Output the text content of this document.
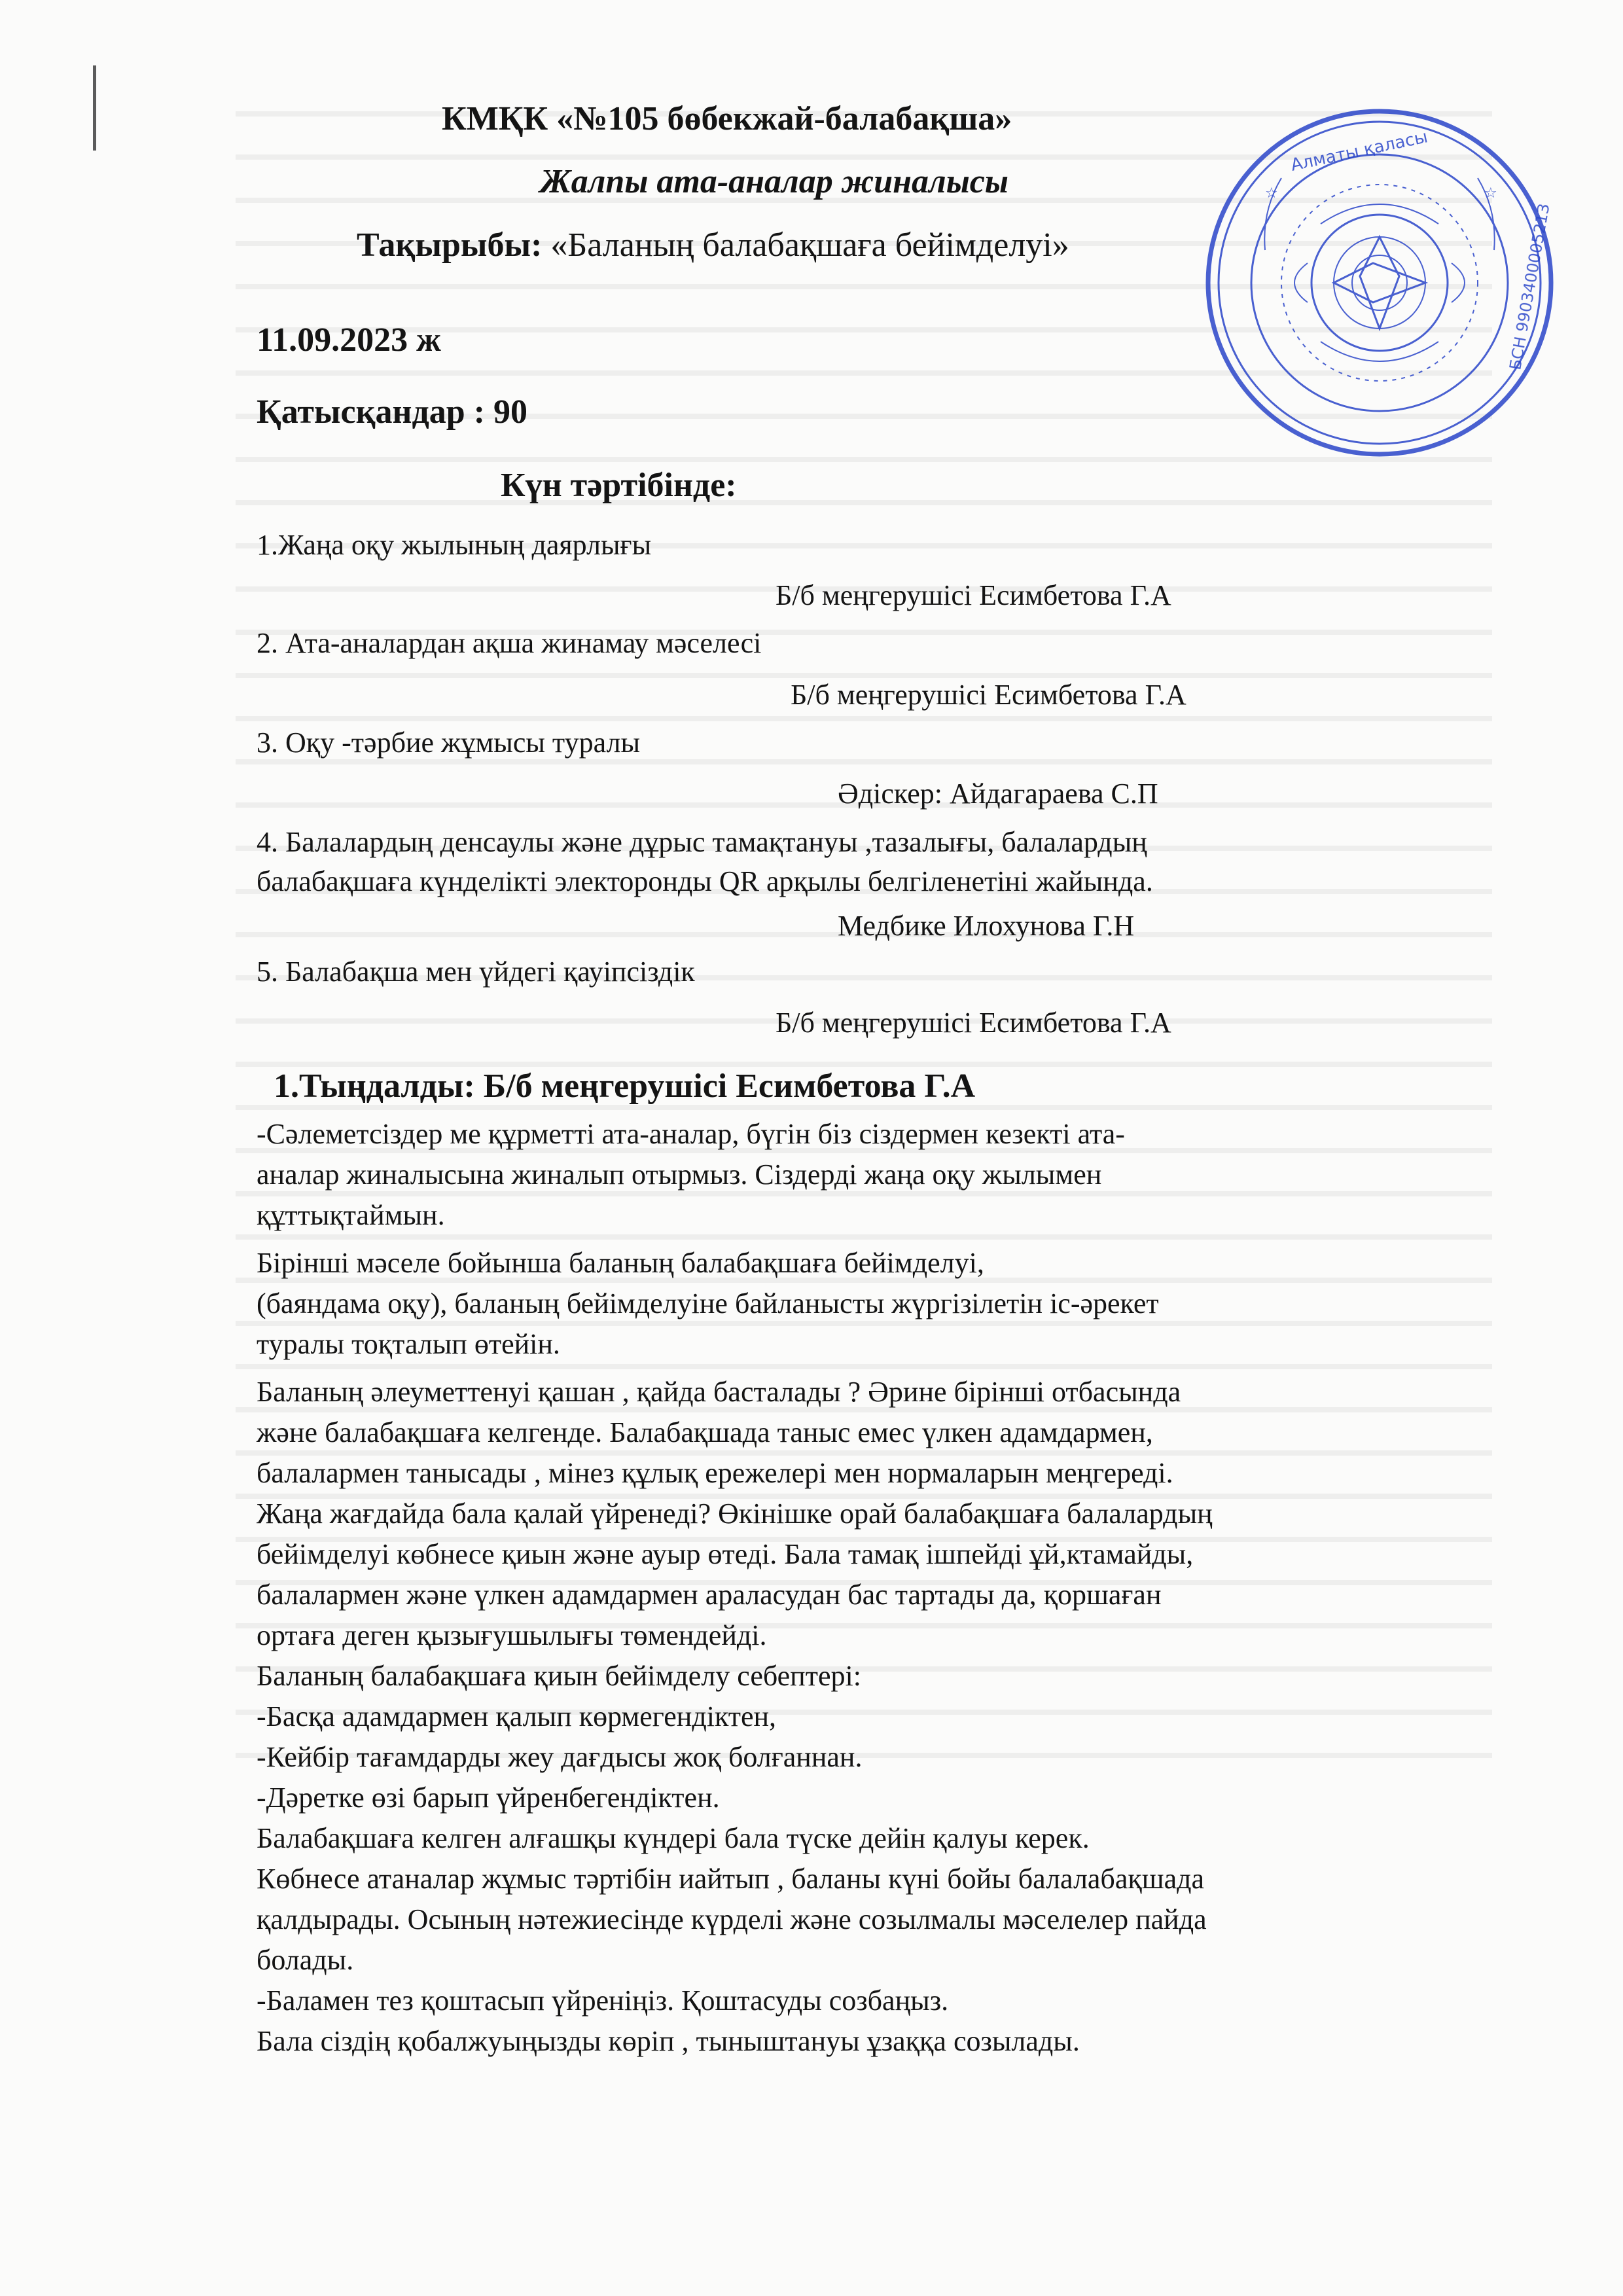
Алматы қаласы
БСН 990340000521З
☆	☆
КМҚК «№105 бөбекжай-балабақша»
Жалпы ата-аналар жиналысы
Тақырыбы: «Баланың балабақшаға бейімделуі»
11.09.2023 ж
Қатысқандар : 90
Күн тәртібінде:
1.Жаңа оқу жылының даярлығы
Б/б меңгерушісі Есимбетова Г.А
2. Ата-аналардан ақша жинамау мәселесі
Б/б меңгерушісі Есимбетова Г.А
3. Оқу -тәрбие жұмысы туралы
Әдіскер: Айдагараева С.П
4. Балалардың денсаулы және дұрыс тамақтануы ,тазалығы, балалардың
балабақшаға күнделікті электоронды QR арқылы белгіленетіні жайында.
Медбике Илохунова Г.Н
5. Балабақша мен үйдегі қауіпсіздік
Б/б меңгерушісі Есимбетова Г.А
1.Тыңдалды: Б/б меңгерушісі Есимбетова Г.А
-Сәлеметсіздер ме құрметті ата-аналар, бүгін біз сіздермен кезекті ата-
аналар жиналысына жиналып отырмыз. Сіздерді жаңа оқу жылымен
құттықтаймын.
Бірінші мәселе бойынша баланың балабақшаға бейімделуі,
(баяндама оқу), баланың бейімделуіне байланысты жүргізілетін іс-әрекет
туралы тоқталып өтейін.
Баланың әлеуметтенуі қашан , қайда басталады ? Әрине бірінші отбасында
және балабақшаға келгенде. Балабақшада таныс емес үлкен адамдармен,
балалармен танысады , мінез құлық ережелері мен нормаларын меңгереді.
Жаңа жағдайда бала қалай үйренеді? Өкінішке орай балабақшаға балалардың
бейімделуі көбнесе қиын және ауыр өтеді. Бала тамақ ішпейді ұй,ктамайды,
балалармен және үлкен адамдармен араласудан бас тартады да, қоршаған
ортаға деген қызығушылығы төмендейді.
Баланың балабақшаға қиын бейімделу себептері:
-Басқа адамдармен қалып көрмегендіктен,
-Кейбір тағамдарды жеу дағдысы жоқ болғаннан.
-Дәретке өзі барып үйренбегендіктен.
Балабақшаға келген алғашқы күндері бала түске дейін қалуы керек.
Көбнесе атаналар жұмыс тәртібін иайтып , баланы күні бойы балалабақшада
қалдырады. Осының нәтежиесінде күрделі және созылмалы мәселелер пайда
болады.
-Баламен тез қоштасып үйреніңіз. Қоштасуды созбаңыз.
Бала сіздің қобалжуыңызды көріп , тыныштануы ұзаққа созылады.
